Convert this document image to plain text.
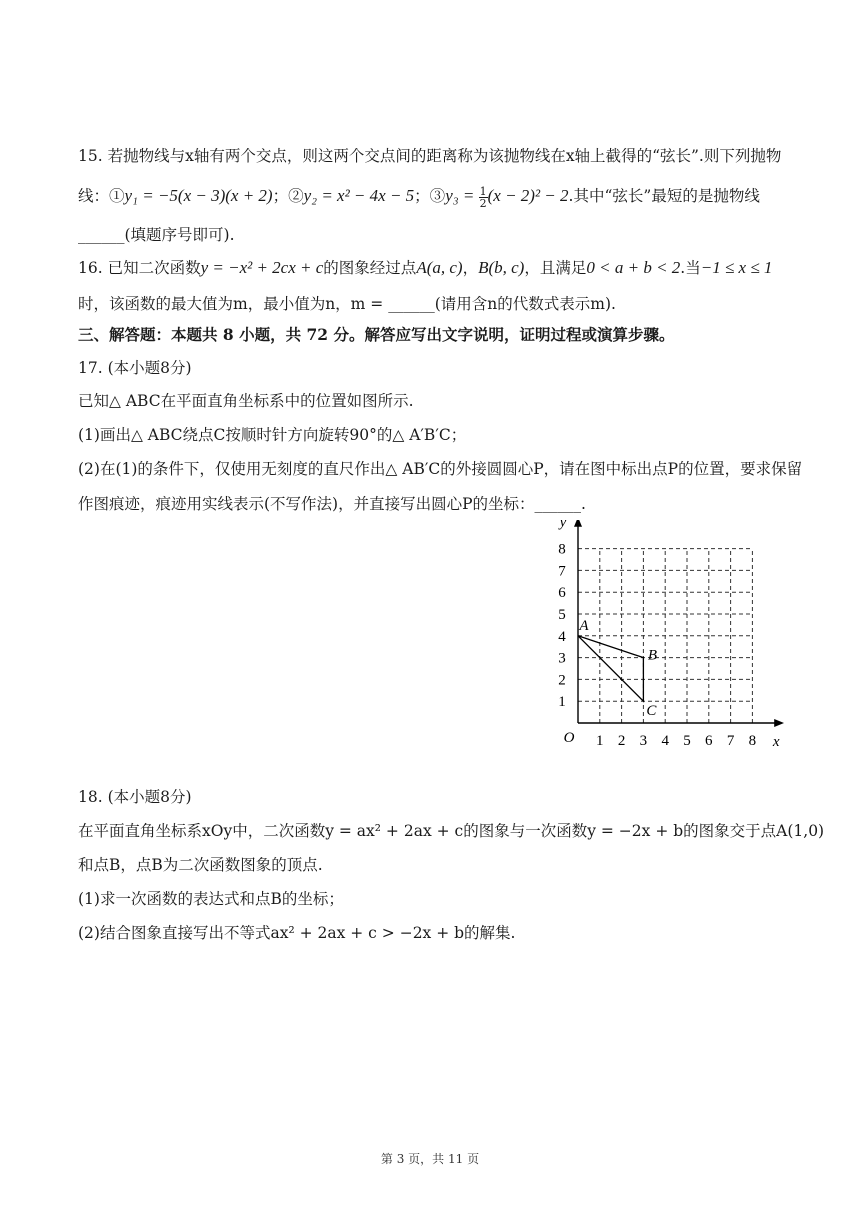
15. 若抛物线与x轴有两个交点，则这两个交点间的距离称为该抛物线在x轴上截得的“弦长”.则下列抛物
线：①y₁ = −5(x − 3)(x + 2)；②y₂ = x² − 4x − 5；③y₃ = $\frac{1}{2} (x - 2)^2 - 2$.其中“弦长”最短的是抛物线
______(填题序号即可).
16. 已知二次函数y = −x² + 2cx + c的图象经过点A(a, c)，B(b, c)，且满足0 < a + b < 2.当−1 ≤ x ≤ 1
时，该函数的最大值为m，最小值为n，m = ______(请用含n的代数式表示m).
三、解答题：本题共 8 小题，共 72 分。解答应写出文字说明，证明过程或演算步骤。
17. (本小题8分)
已知△ ABC在平面直角坐标系中的位置如图所示.
(1)画出△ ABC绕点C按顺时针方向旋转90°的△ A′B′C；
(2)在(1)的条件下，仅使用无刻度的直尺作出△ AB′C的外接圆圆心P，请在图中标出点P的位置，要求保留
作图痕迹，痕迹用实线表示(不写作法)，并直接写出圆心P的坐标：______.
1 2 3 4 5 6 7 8
1
2
3
4
5
6
7
8
x
y
O
A
B
C
18. (本小题8分)
在平面直角坐标系xOy中，二次函数y = ax² + 2ax + c的图象与一次函数y = −2x + b的图象交于点A(1,0)
和点B，点B为二次函数图象的顶点.
(1)求一次函数的表达式和点B的坐标；
(2)结合图象直接写出不等式ax² + 2ax + c > −2x + b的解集.
第 3 页，共 11 页
